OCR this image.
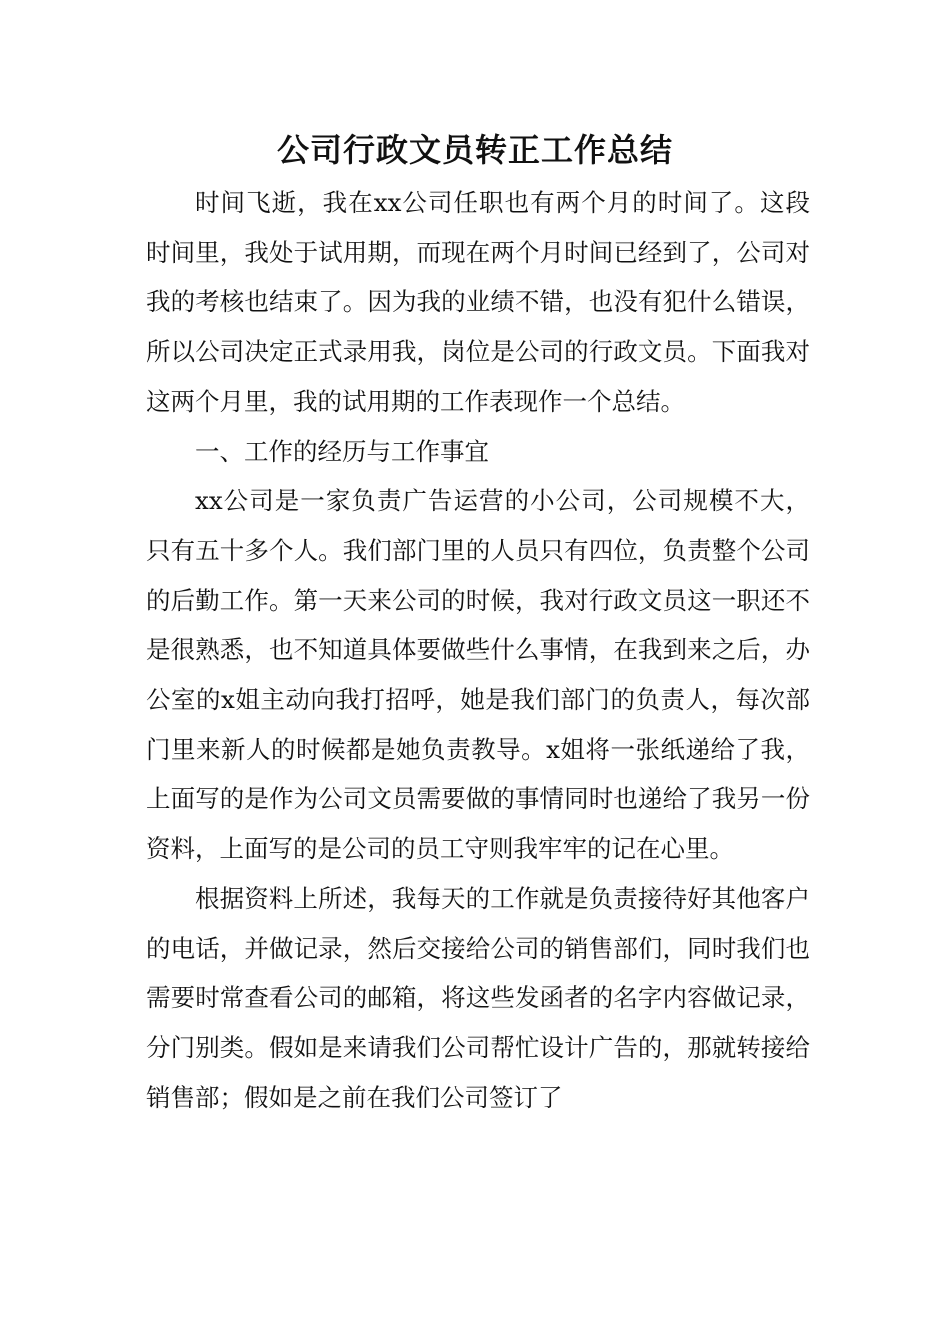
公司行政文员转正工作总结

时间飞逝，我在xx公司任职也有两个月的时间了。这段时间里，我处于试用期，而现在两个月时间已经到了，公司对我的考核也结束了。因为我的业绩不错，也没有犯什么错误，所以公司决定正式录用我，岗位是公司的行政文员。下面我对这两个月里，我的试用期的工作表现作一个总结。

一、工作的经历与工作事宜

xx公司是一家负责广告运营的小公司，公司规模不大，只有五十多个人。我们部门里的人员只有四位，负责整个公司的后勤工作。第一天来公司的时候，我对行政文员这一职还不是很熟悉，也不知道具体要做些什么事情，在我到来之后，办公室的x姐主动向我打招呼，她是我们部门的负责人，每次部门里来新人的时候都是她负责教导。x姐将一张纸递给了我，上面写的是作为公司文员需要做的事情同时也递给了我另一份资料，上面写的是公司的员工守则我牢牢的记在心里。

根据资料上所述，我每天的工作就是负责接待好其他客户的电话，并做记录，然后交接给公司的销售部们，同时我们也需要时常查看公司的邮箱，将这些发函者的名字内容做记录，分门别类。假如是来请我们公司帮忙设计广告的，那就转接给销售部；假如是之前在我们公司签订了
